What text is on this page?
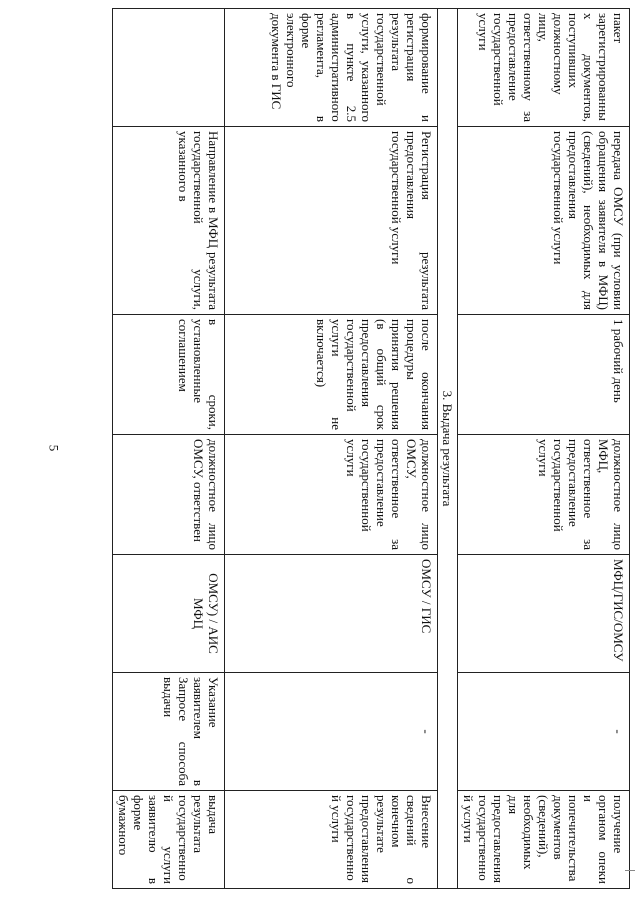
5
пакет зарегистрированных документов, поступивших должностному лицу, ответственному за предоставление государственной услуги	передача ОМСУ (при условии обращения заявителя в МФЦ) (сведений), необходимых для предоставления государственной услуги	1 рабочий день	должностное лицо МФЦ, ответственное за предоставление государственной услуги	МФЦ/ГИС/ОМСУ	-	получение органом опеки и попечительства документов (сведений), необходимых для предоставления государственной услуги
3. Выдача результата						
формирование и регистрация результата государственной услуги, указанного в пункте 2.5 административного регламента, в форме электронного документа в ГИС	Регистрация результата предоставления государственной услуги	после окончания процедуры принятия решения (в общий срок предоставления государственной услуги не включается)	должностное лицо ОМСУ, ответственное за предоставление государственной услуги	ОМСУ / ГИС	-	Внесение сведений о конечном результате предоставления государственной услуги
	Направление в МФЦ результата государственной услуги, указанного в	в сроки, установленные соглашением	должностное лицо ОМСУ, ответствен	ОМСУ) / АИС МФЦ	Указание заявителем в Запросе способа выдачи	выдача результата государственной услуги заявителю в форме бумажного
